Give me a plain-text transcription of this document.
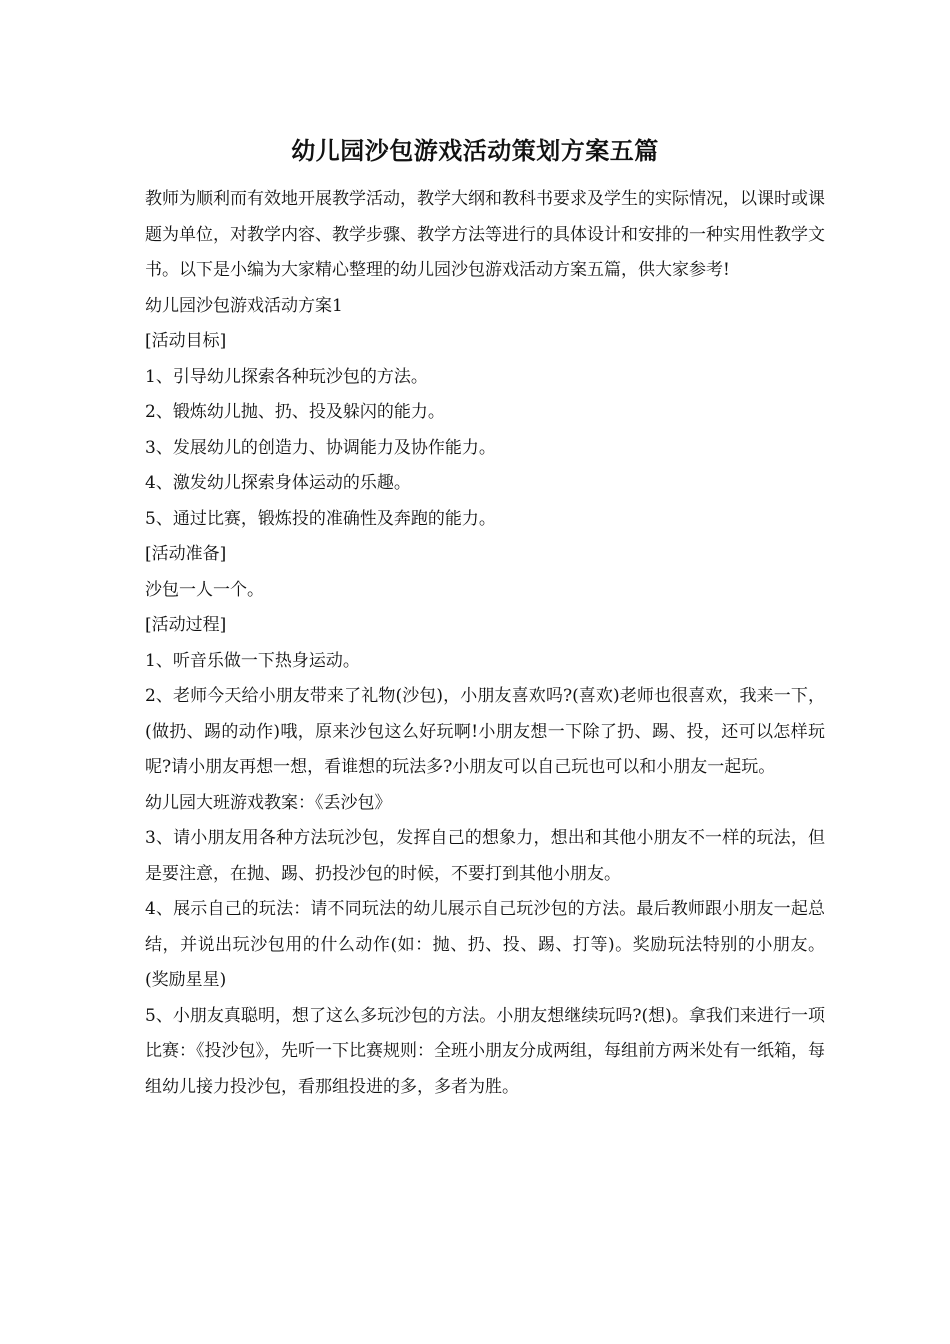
幼儿园沙包游戏活动策划方案五篇

教师为顺利而有效地开展教学活动，教学大纲和教科书要求及学生的实际情况，以课时或课题为单位，对教学内容、教学步骤、教学方法等进行的具体设计和安排的一种实用性教学文书。以下是小编为大家精心整理的幼儿园沙包游戏活动方案五篇，供大家参考!

幼儿园沙包游戏活动方案1

[活动目标]

1、引导幼儿探索各种玩沙包的方法。

2、锻炼幼儿抛、扔、投及躲闪的能力。

3、发展幼儿的创造力、协调能力及协作能力。

4、激发幼儿探索身体运动的乐趣。

5、通过比赛，锻炼投的准确性及奔跑的能力。

[活动准备]

沙包一人一个。

[活动过程]

1、听音乐做一下热身运动。

2、老师今天给小朋友带来了礼物(沙包)，小朋友喜欢吗?(喜欢)老师也很喜欢，我来一下，(做扔、踢的动作)哦，原来沙包这么好玩啊!小朋友想一下除了扔、踢、投，还可以怎样玩呢?请小朋友再想一想，看谁想的玩法多?小朋友可以自己玩也可以和小朋友一起玩。

幼儿园大班游戏教案：《丢沙包》

3、请小朋友用各种方法玩沙包，发挥自己的想象力，想出和其他小朋友不一样的玩法，但是要注意，在抛、踢、扔投沙包的时候，不要打到其他小朋友。

4、展示自己的玩法：请不同玩法的幼儿展示自己玩沙包的方法。最后教师跟小朋友一起总结，并说出玩沙包用的什么动作(如：抛、扔、投、踢、打等)。奖励玩法特别的小朋友。(奖励星星)

5、小朋友真聪明，想了这么多玩沙包的方法。小朋友想继续玩吗?(想)。拿我们来进行一项比赛：《投沙包》，先听一下比赛规则：全班小朋友分成两组，每组前方两米处有一纸箱，每组幼儿接力投沙包，看那组投进的多，多者为胜。
